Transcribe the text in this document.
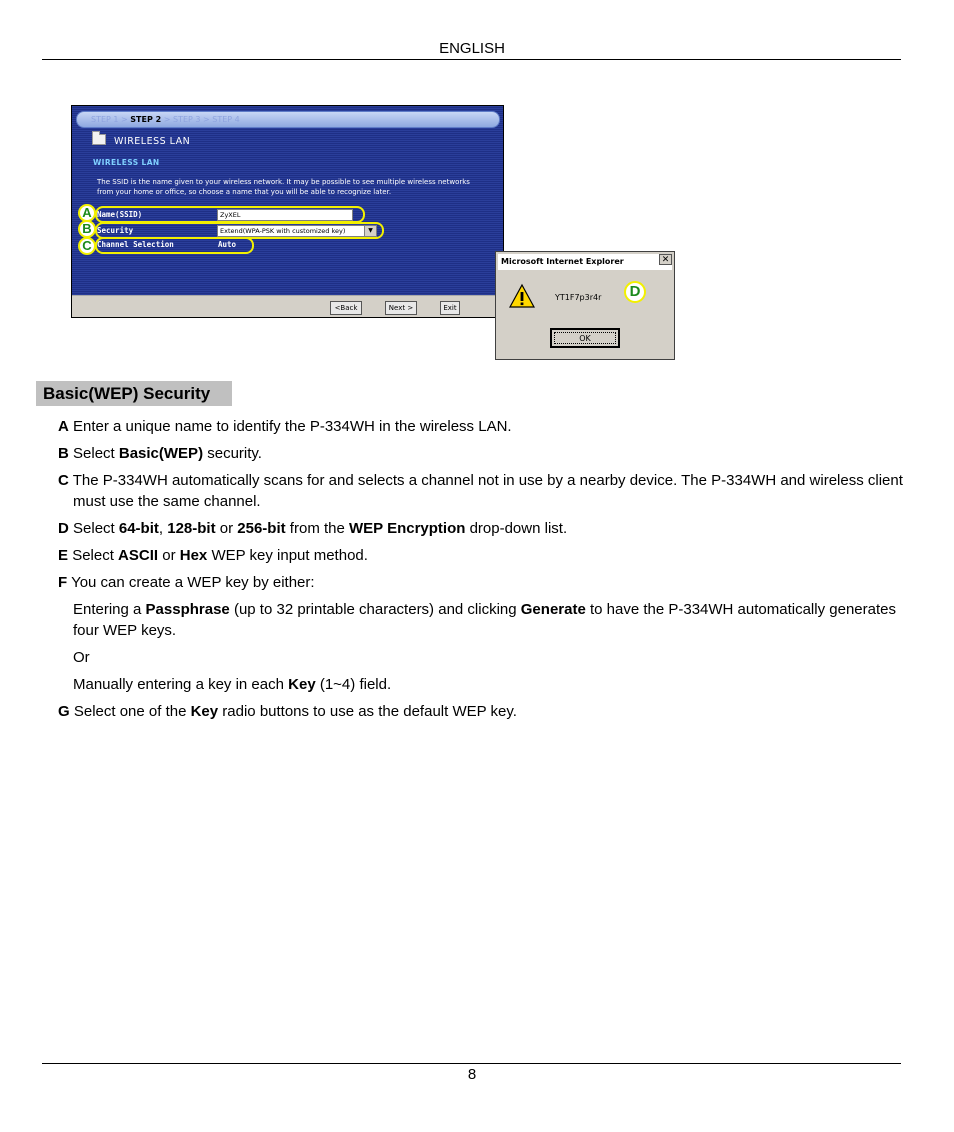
ENGLISH
STEP 1 > STEP 2 > STEP 3 > STEP 4
WIRELESS LAN
WIRELESS LAN
The SSID is the name given to your wireless network. It may be possible to see multiple wireless networks from your home or office, so choose a name that you will be able to recognize later.
Name(SSID)	ZyXEL
Security	Extend(WPA-PSK with customized key)	▼
Channel Selection	Auto
A
B
C
<Back	Next >	Exit
Microsoft Internet Explorer	✕
YT1F7p3r4r
OK
D
Basic(WEP) Security
A Enter a unique name to identify the P-334WH in the wireless LAN.
B Select Basic(WEP) security.
C The P-334WH automatically scans for and selects a channel not in use by a nearby device. The P-334WH and wireless client must use the same channel.
D Select 64-bit, 128-bit or 256-bit from the WEP Encryption drop-down list.
E Select ASCII or Hex WEP key input method.
F You can create a WEP key by either:
Entering a Passphrase (up to 32 printable characters) and clicking Generate to have the P-334WH automatically generates four WEP keys.
Or
Manually entering a key in each Key (1~4) field.
G Select one of the Key radio buttons to use as the default WEP key.
8
